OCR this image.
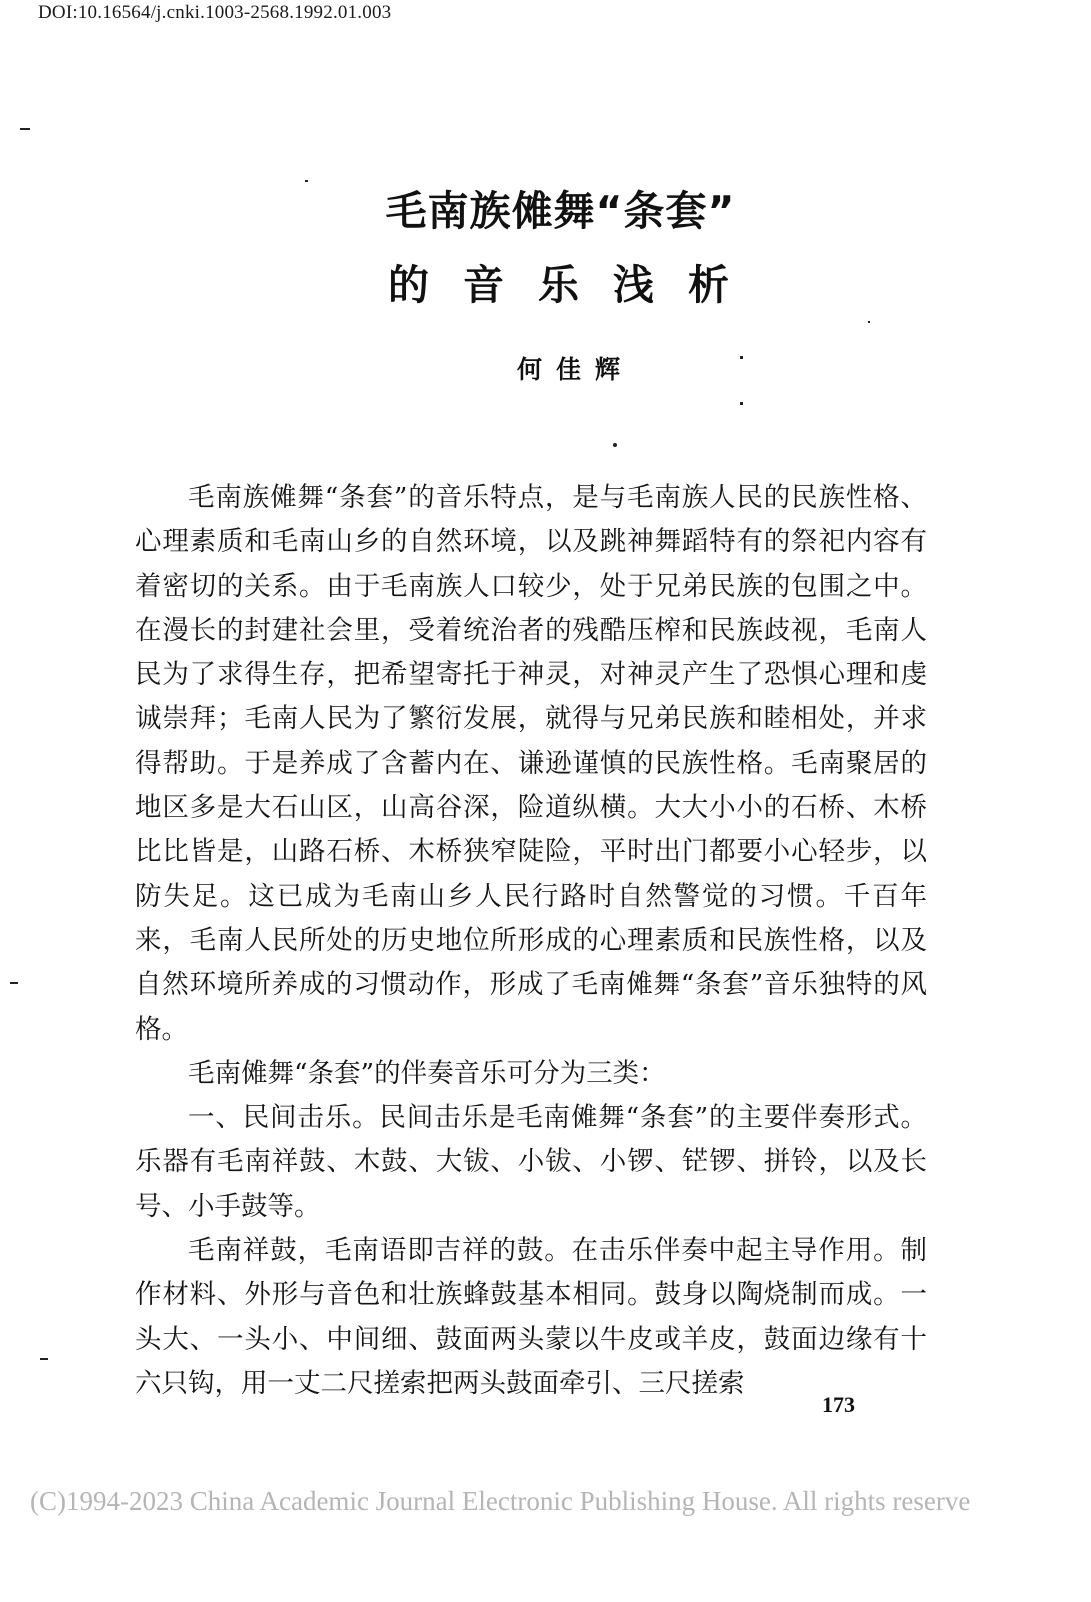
DOI:10.16564/j.cnki.1003-2568.1992.01.003
毛南族傩舞“条套”
的音乐浅析
何佳辉

毛南族傩舞“条套”的音乐特点，是与毛南族人民的民族性格、心理素质和毛南山乡的自然环境，以及跳神舞蹈特有的祭祀内容有着密切的关系。由于毛南族人口较少，处于兄弟民族的包围之中。在漫长的封建社会里，受着统治者的残酷压榨和民族歧视，毛南人民为了求得生存，把希望寄托于神灵，对神灵产生了恐惧心理和虔诚崇拜；毛南人民为了繁衍发展，就得与兄弟民族和睦相处，并求得帮助。于是养成了含蓄内在、谦逊谨慎的民族性格。毛南聚居的地区多是大石山区，山高谷深，险道纵横。大大小小的石桥、木桥比比皆是，山路石桥、木桥狭窄陡险，平时出门都要小心轻步，以防失足。这已成为毛南山乡人民行路时自然警觉的习惯。千百年来，毛南人民所处的历史地位所形成的心理素质和民族性格，以及自然环境所养成的习惯动作，形成了毛南傩舞“条套”音乐独特的风格。

毛南傩舞“条套”的伴奏音乐可分为三类：

一、民间击乐。民间击乐是毛南傩舞“条套”的主要伴奏形式。乐器有毛南祥鼓、木鼓、大钹、小钹、小锣、铓锣、拼铃，以及长号、小手鼓等。

毛南祥鼓，毛南语即吉祥的鼓。在击乐伴奏中起主导作用。制作材料、外形与音色和壮族蜂鼓基本相同。鼓身以陶烧制而成。一头大、一头小、中间细、鼓面两头蒙以牛皮或羊皮，鼓面边缘有十六只钩，用一丈二尺搓索把两头鼓面牵引、三尺搓索

173
(C)1994-2023 China Academic Journal Electronic Publishing House. All rights reserve
